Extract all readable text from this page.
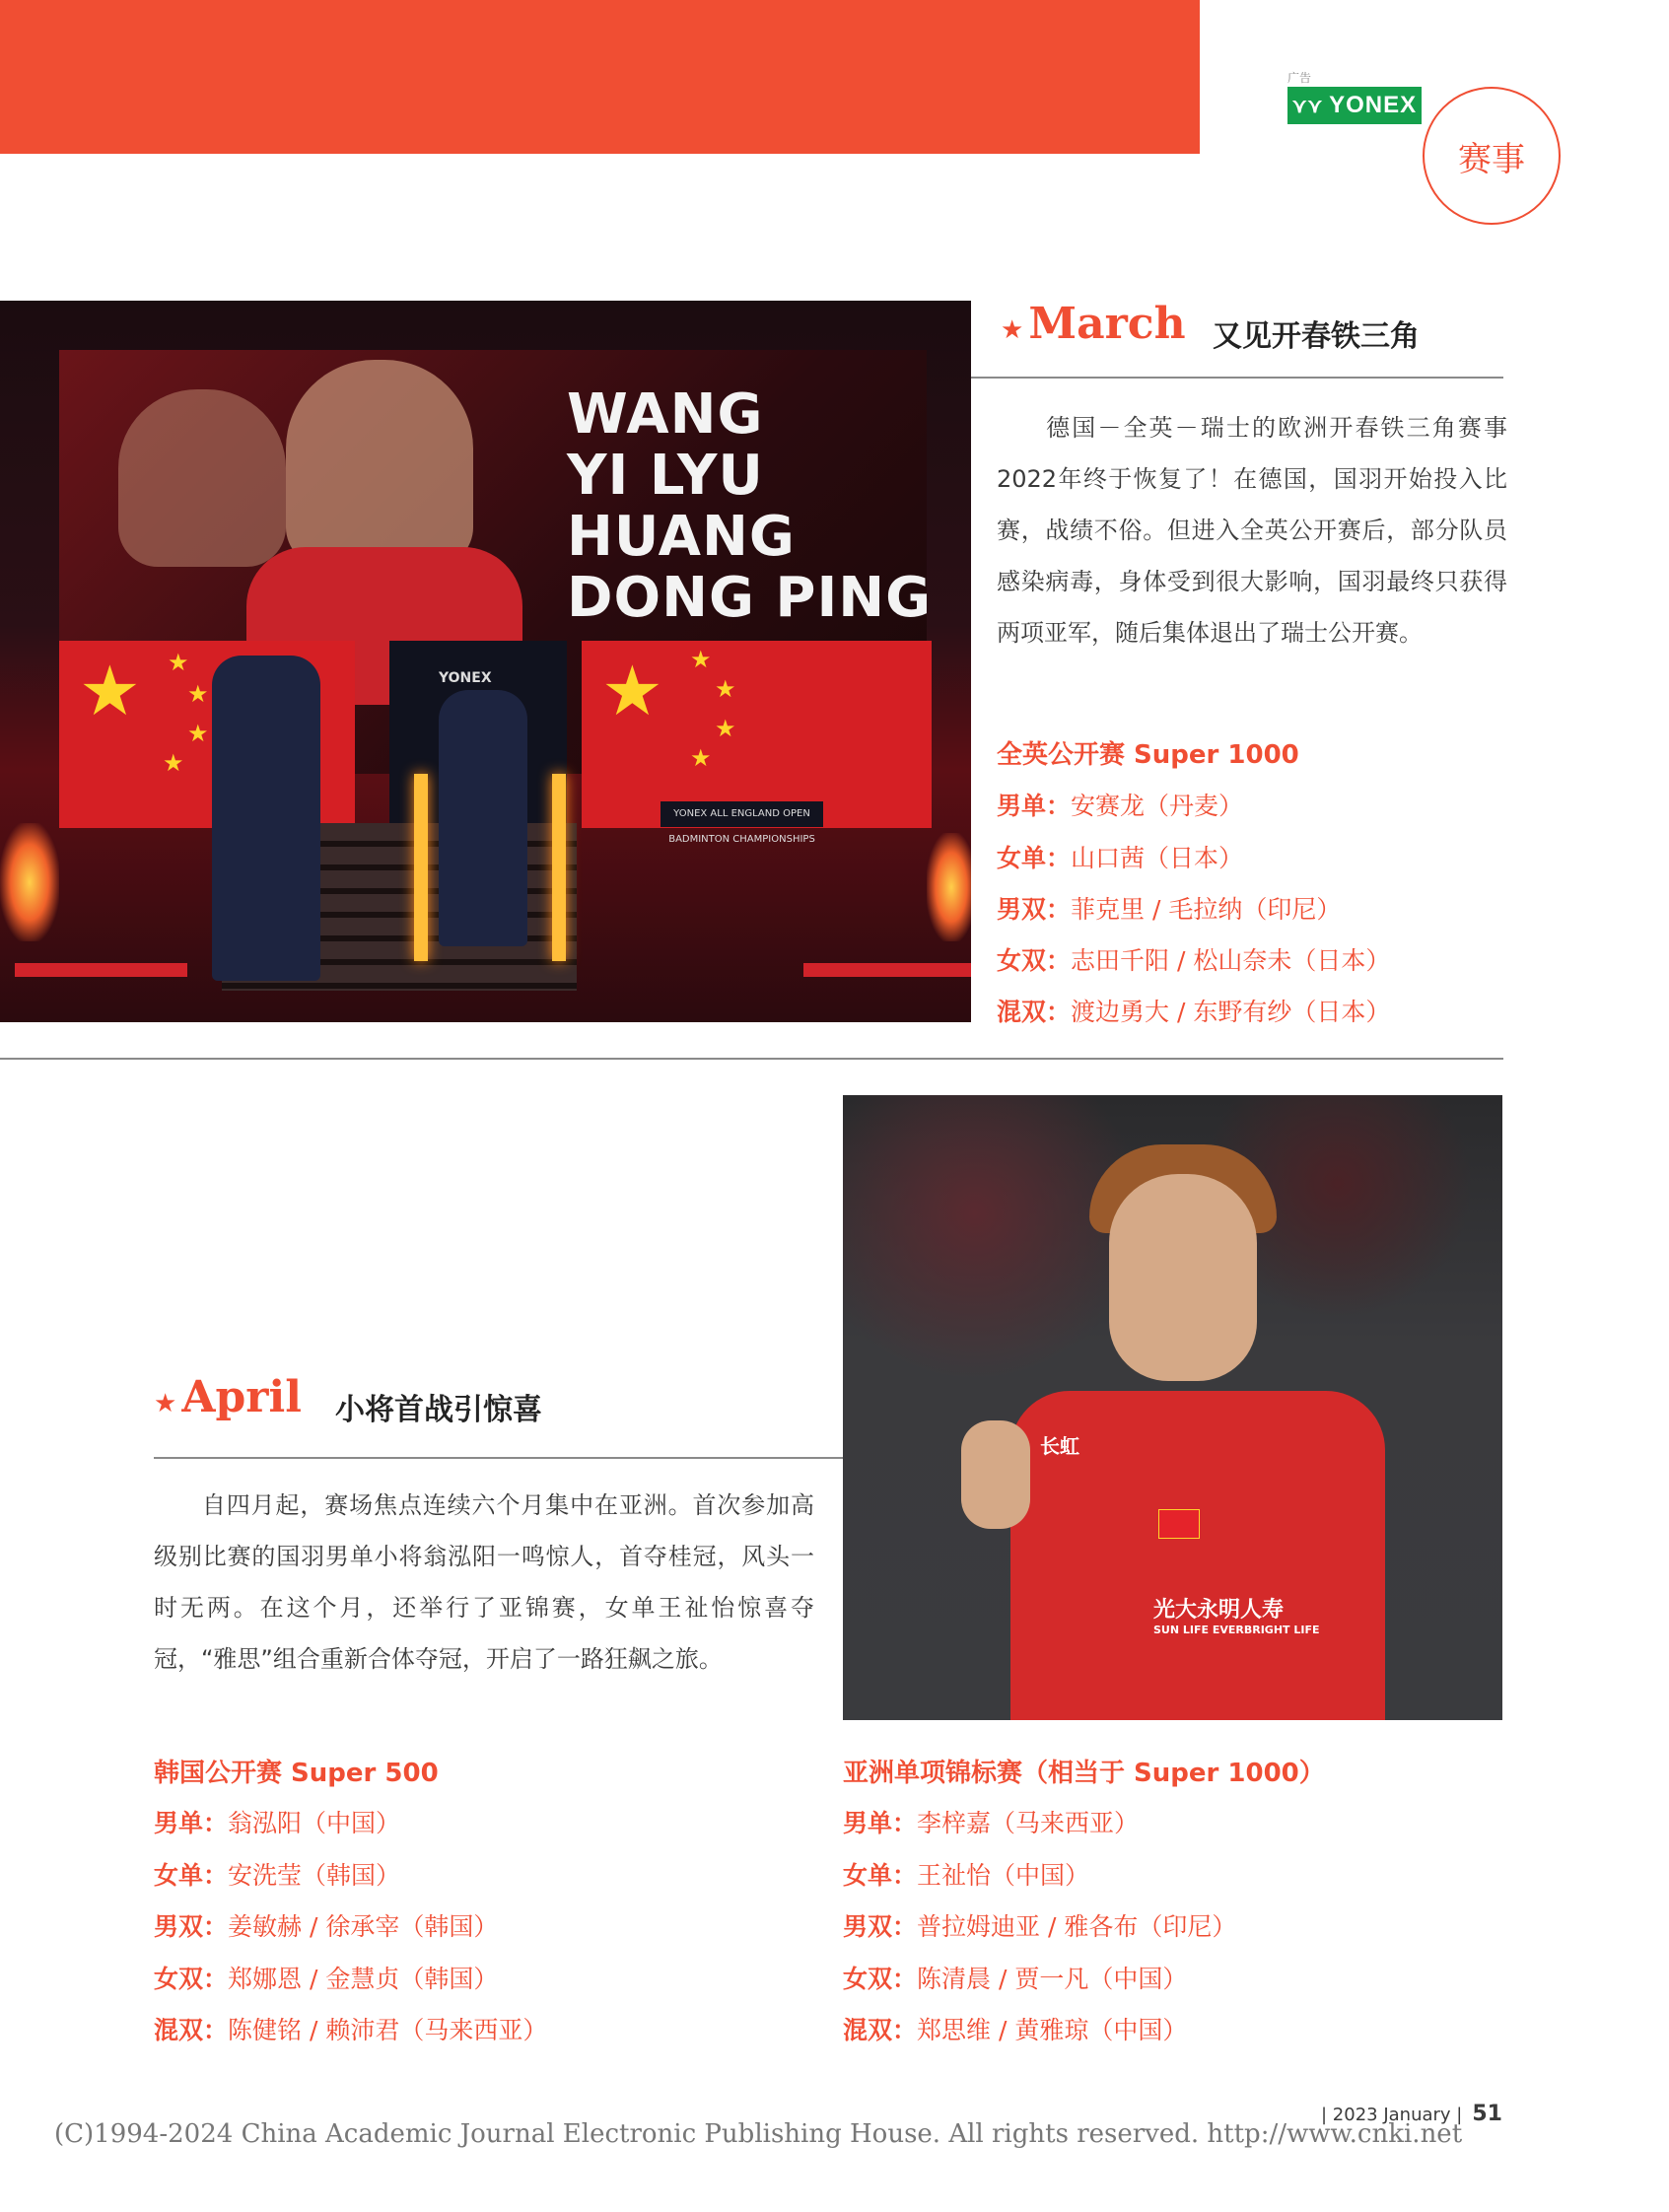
广告
⋎⋎ YONEX
赛事
WANG
YI LYU
HUANG
DONG PING
★ ★
★
★
★
★ ★
★
★
★
YONEX
YONEX ALL ENGLAND OPEN BADMINTON CHAMPIONSHIPS
★ March 又见开春铁三角
德国－全英－瑞士的欧洲开春铁三角赛事2022年终于恢复了！在德国，国羽开始投入比赛，战绩不俗。但进入全英公开赛后，部分队员感染病毒，身体受到很大影响，国羽最终只获得两项亚军，随后集体退出了瑞士公开赛。
全英公开赛 Super 1000
男单：安赛龙（丹麦）
女单：山口茜（日本）
男双：菲克里 / 毛拉纳（印尼）
女双：志田千阳 / 松山奈未（日本）
混双：渡边勇大 / 东野有纱（日本）
长虹
光大永明人寿
SUN LIFE EVERBRIGHT LIFE
★ April 小将首战引惊喜
自四月起，赛场焦点连续六个月集中在亚洲。首次参加高级别比赛的国羽男单小将翁泓阳一鸣惊人，首夺桂冠，风头一时无两。在这个月，还举行了亚锦赛，女单王祉怡惊喜夺冠，“雅思”组合重新合体夺冠，开启了一路狂飙之旅。
韩国公开赛 Super 500
男单：翁泓阳（中国）
女单：安洗莹（韩国）
男双：姜敏赫 / 徐承宰（韩国）
女双：郑娜恩 / 金慧贞（韩国）
混双：陈健铭 / 赖沛君（马来西亚）
亚洲单项锦标赛（相当于 Super 1000）
男单：李梓嘉（马来西亚）
女单：王祉怡（中国）
男双：普拉姆迪亚 / 雅各布（印尼）
女双：陈清晨 / 贾一凡（中国）
混双：郑思维 / 黄雅琼（中国）
| 2023 January | 51
(C)1994-2024 China Academic Journal Electronic Publishing House. All rights reserved. http://www.cnki.net
